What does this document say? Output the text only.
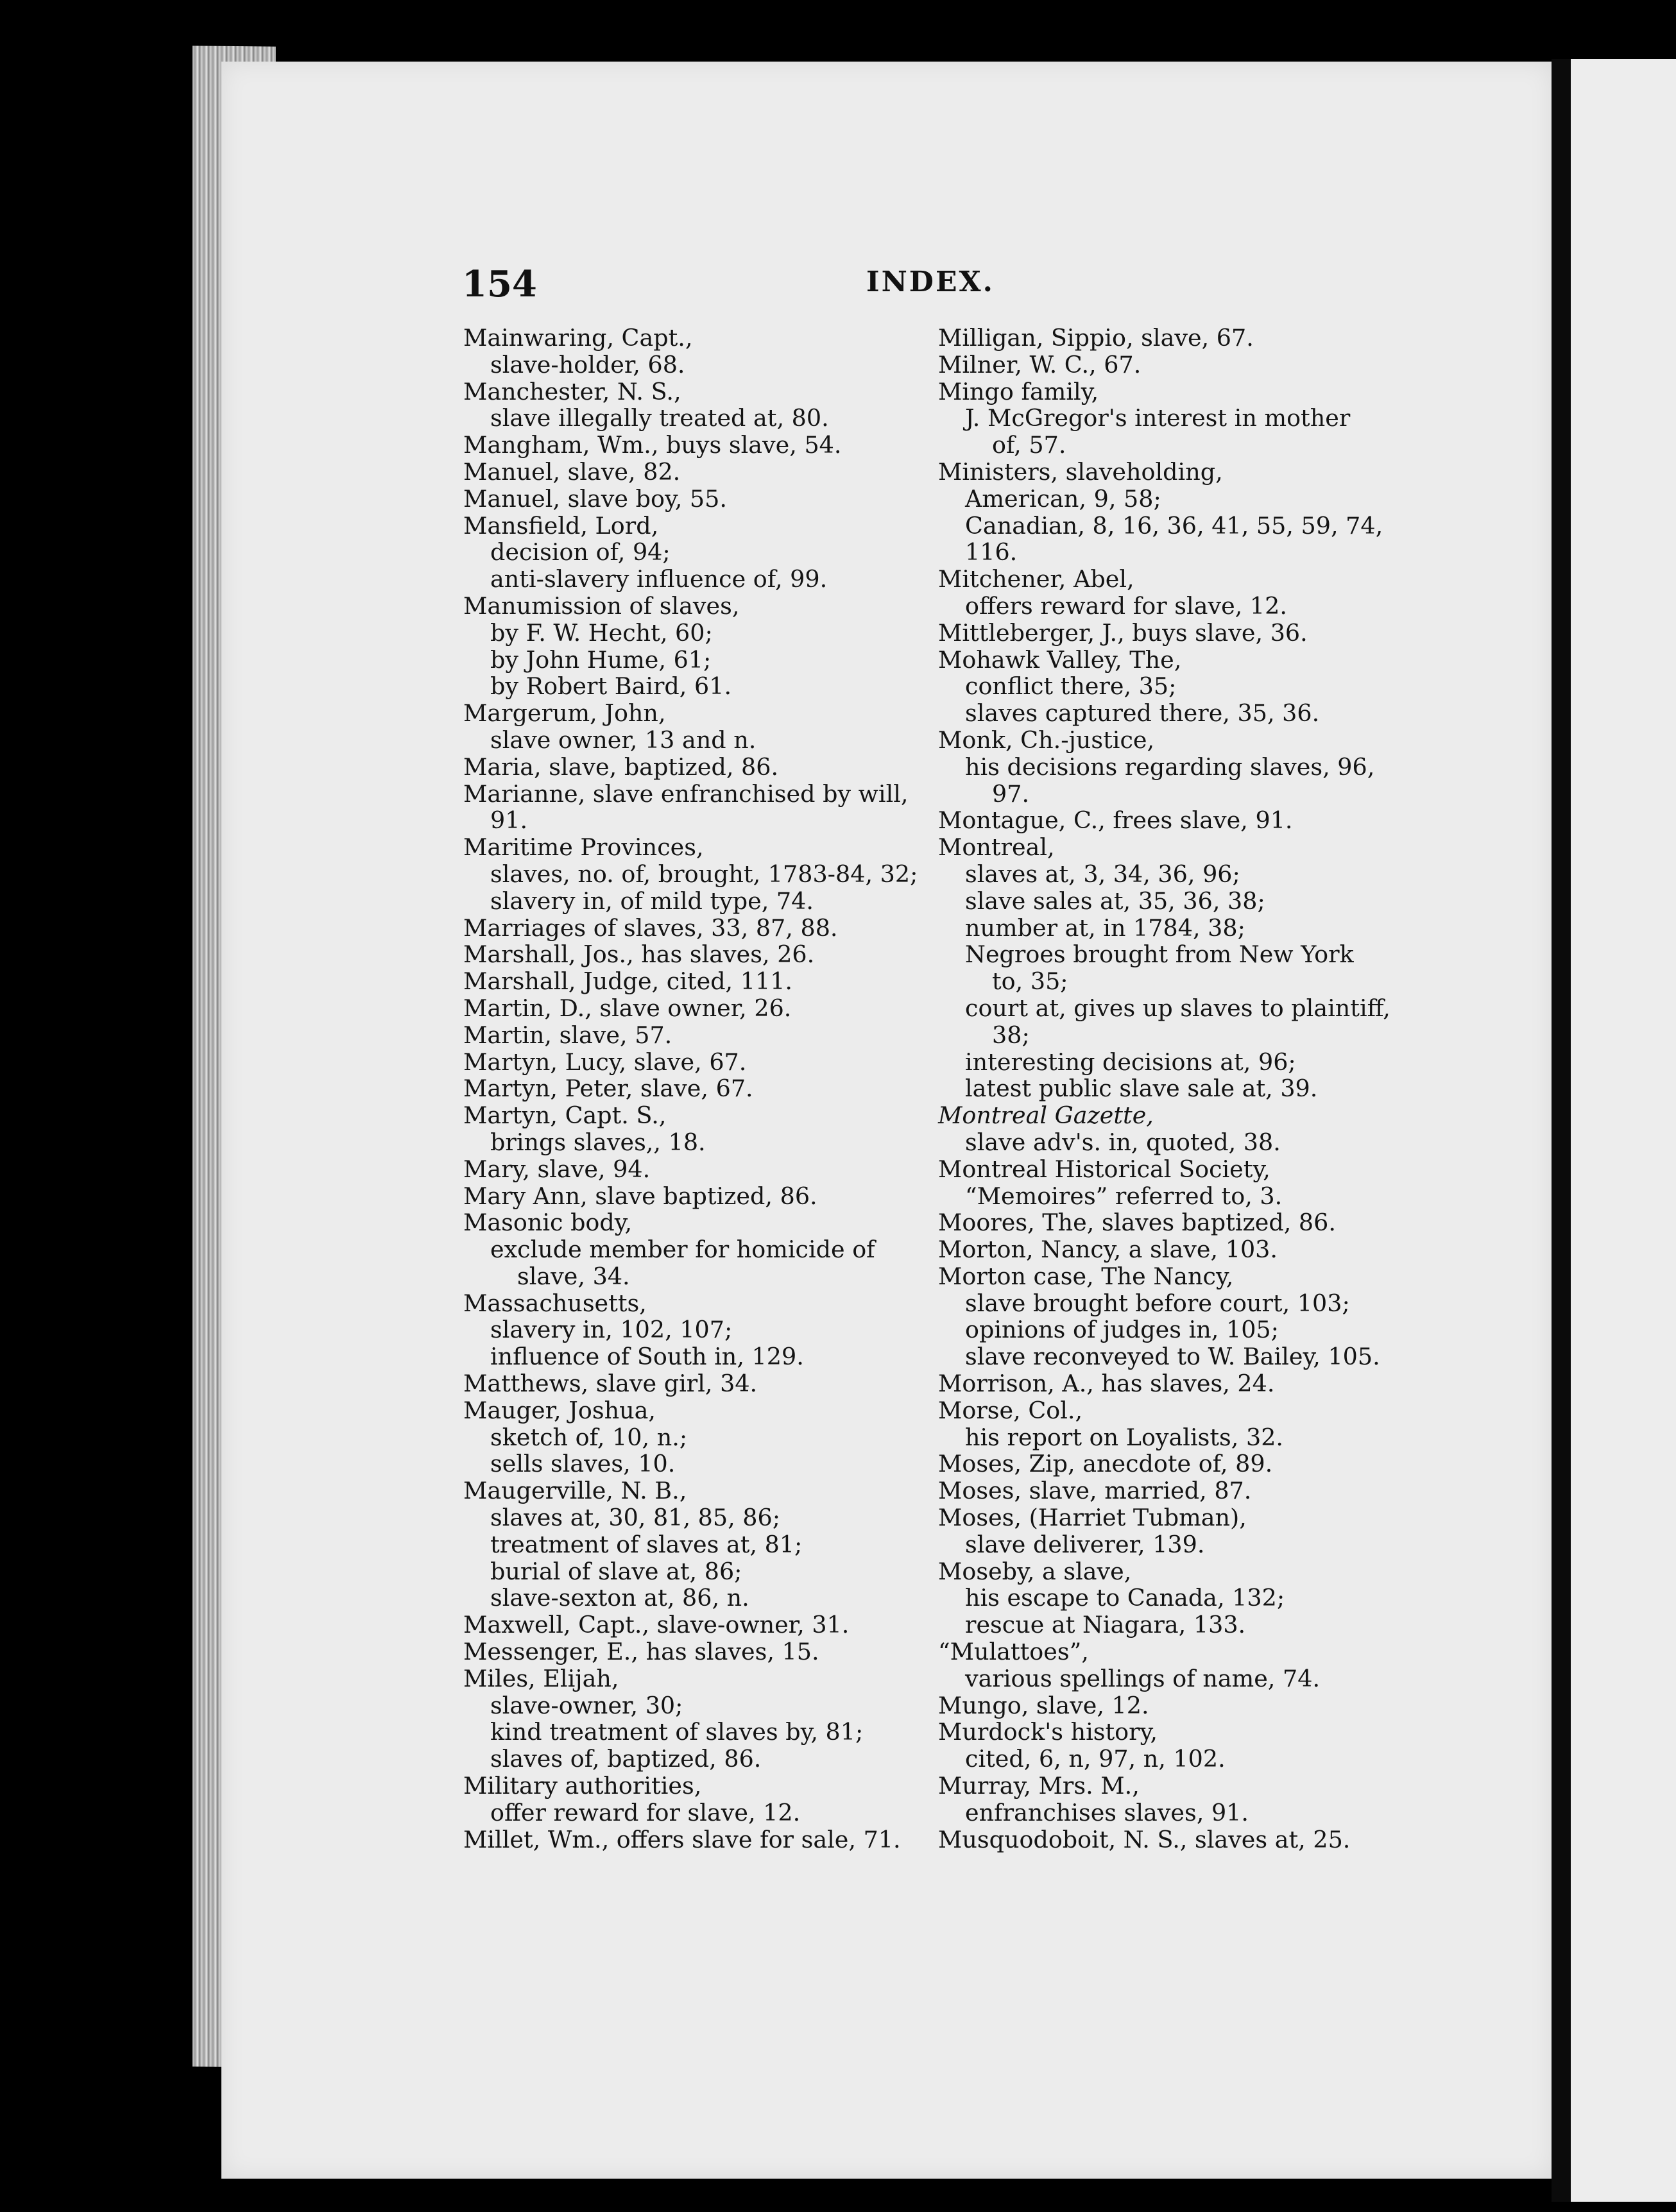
154	INDEX.
Mainwaring, Capt.,
slave-holder, 68.
Manchester, N. S.,
slave illegally treated at, 80.
Mangham, Wm., buys slave, 54.
Manuel, slave, 82.
Manuel, slave boy, 55.
Mansfield, Lord,
decision of, 94;
anti-slavery influence of, 99.
Manumission of slaves,
by F. W. Hecht, 60;
by John Hume, 61;
by Robert Baird, 61.
Margerum, John,
slave owner, 13 and n.
Maria, slave, baptized, 86.
Marianne, slave enfranchised by will,
91.
Maritime Provinces,
slaves, no. of, brought, 1783-84, 32;
slavery in, of mild type, 74.
Marriages of slaves, 33, 87, 88.
Marshall, Jos., has slaves, 26.
Marshall, Judge, cited, 111.
Martin, D., slave owner, 26.
Martin, slave, 57.
Martyn, Lucy, slave, 67.
Martyn, Peter, slave, 67.
Martyn, Capt. S.,
brings slaves,, 18.
Mary, slave, 94.
Mary Ann, slave baptized, 86.
Masonic body,
exclude member for homicide of
slave, 34.
Massachusetts,
slavery in, 102, 107;
influence of South in, 129.
Matthews, slave girl, 34.
Mauger, Joshua,
sketch of, 10, n.;
sells slaves, 10.
Maugerville, N. B.,
slaves at, 30, 81, 85, 86;
treatment of slaves at, 81;
burial of slave at, 86;
slave-sexton at, 86, n.
Maxwell, Capt., slave-owner, 31.
Messenger, E., has slaves, 15.
Miles, Elijah,
slave-owner, 30;
kind treatment of slaves by, 81;
slaves of, baptized, 86.
Military authorities,
offer reward for slave, 12.
Millet, Wm., offers slave for sale, 71.
Milligan, Sippio, slave, 67.
Milner, W. C., 67.
Mingo family,
J. McGregor's interest in mother
of, 57.
Ministers, slaveholding,
American, 9, 58;
Canadian, 8, 16, 36, 41, 55, 59, 74,
116.
Mitchener, Abel,
offers reward for slave, 12.
Mittleberger, J., buys slave, 36.
Mohawk Valley, The,
conflict there, 35;
slaves captured there, 35, 36.
Monk, Ch.-justice,
his decisions regarding slaves, 96,
97.
Montague, C., frees slave, 91.
Montreal,
slaves at, 3, 34, 36, 96;
slave sales at, 35, 36, 38;
number at, in 1784, 38;
Negroes brought from New York
to, 35;
court at, gives up slaves to plaintiff,
38;
interesting decisions at, 96;
latest public slave sale at, 39.
Montreal Gazette,
slave adv's. in, quoted, 38.
Montreal Historical Society,
“Memoires” referred to, 3.
Moores, The, slaves baptized, 86.
Morton, Nancy, a slave, 103.
Morton case, The Nancy,
slave brought before court, 103;
opinions of judges in, 105;
slave reconveyed to W. Bailey, 105.
Morrison, A., has slaves, 24.
Morse, Col.,
his report on Loyalists, 32.
Moses, Zip, anecdote of, 89.
Moses, slave, married, 87.
Moses, (Harriet Tubman),
slave deliverer, 139.
Moseby, a slave,
his escape to Canada, 132;
rescue at Niagara, 133.
“Mulattoes”,
various spellings of name, 74.
Mungo, slave, 12.
Murdock's history,
cited, 6, n, 97, n, 102.
Murray, Mrs. M.,
enfranchises slaves, 91.
Musquodoboit, N. S., slaves at, 25.
